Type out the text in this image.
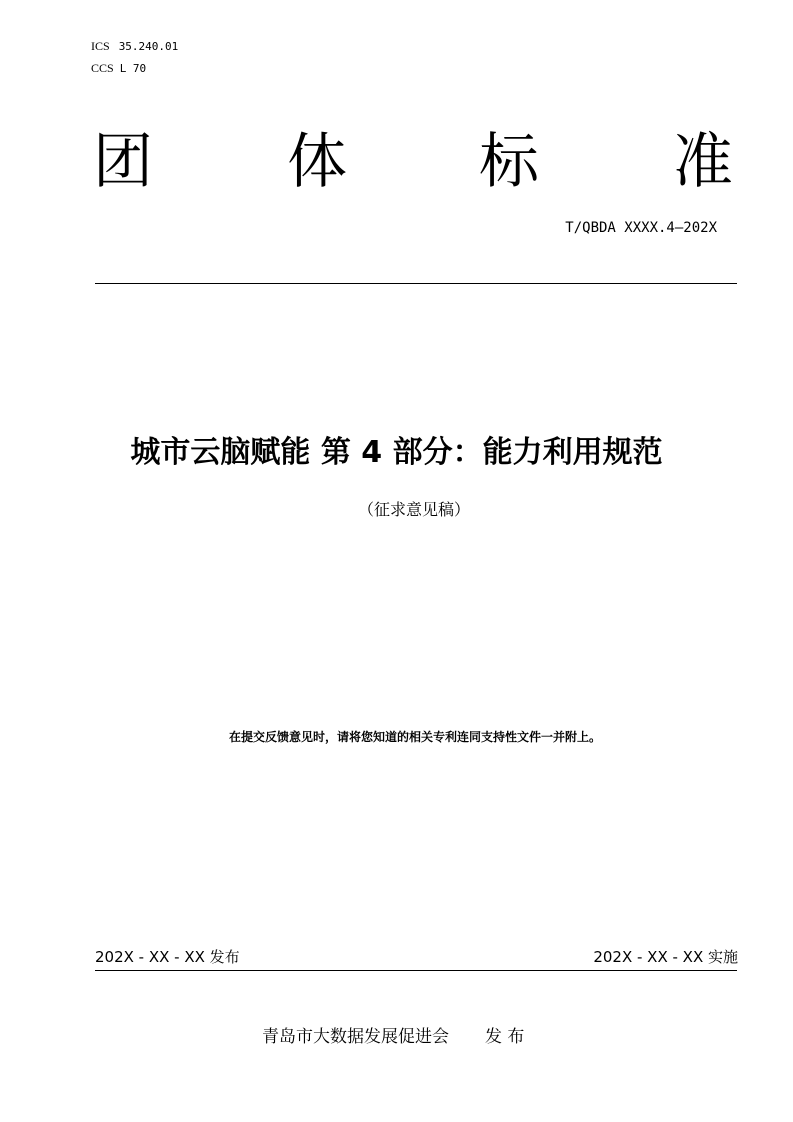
ICS 35.240.01

CCS L 70

团 体 标 准
T/QBDA XXXX.4—202X
城市云脑赋能 第 4 部分：能力利用规范

（征求意见稿）

在提交反馈意见时，请将您知道的相关专利连同支持性文件一并附上。

202X - XX - XX 发布	202X - XX - XX 实施

青岛市大数据发展促进会 发 布
